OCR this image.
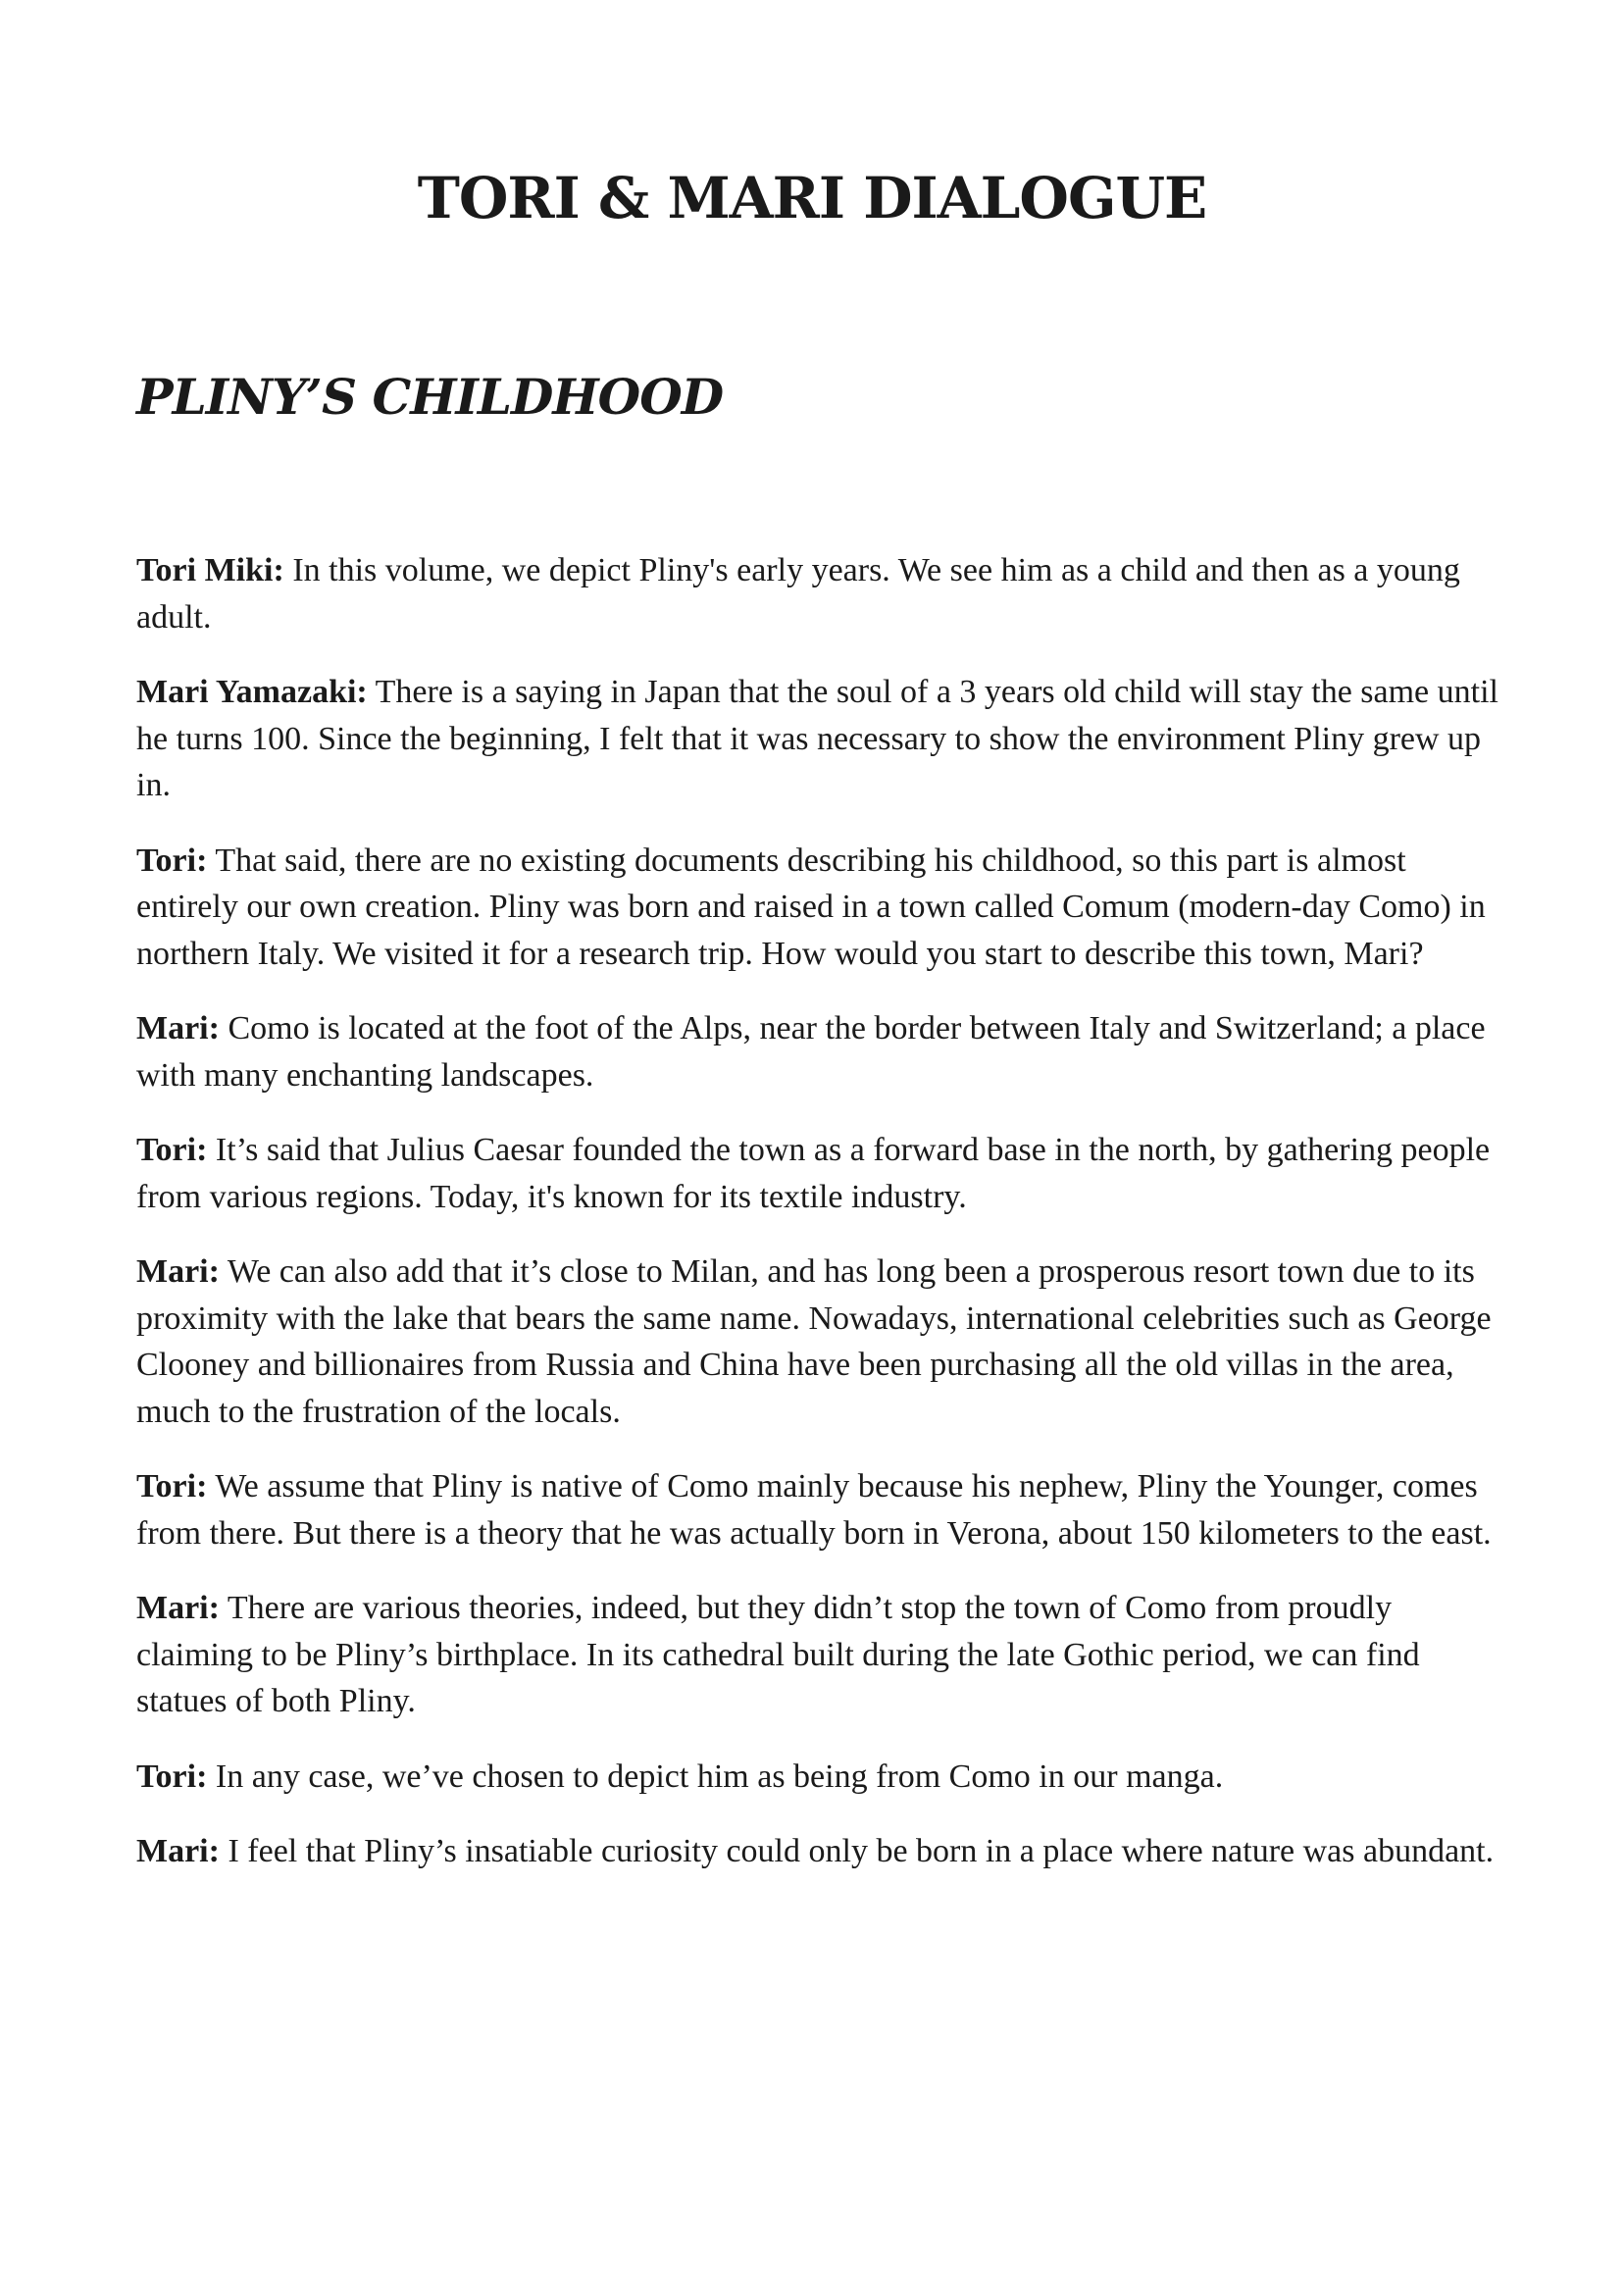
TORI & MARI DIALOGUE
PLINY’S CHILDHOOD

Tori Miki: In this volume, we depict Pliny's early years. We see him as a child and then as a young adult.

Mari Yamazaki: There is a saying in Japan that the soul of a 3 years old child will stay the same until he turns 100. Since the beginning, I felt that it was necessary to show the environment Pliny grew up in.

Tori: That said, there are no existing documents describing his childhood, so this part is almost entirely our own creation. Pliny was born and raised in a town called Comum (modern-day Como) in northern Italy. We visited it for a research trip. How would you start to describe this town, Mari?

Mari: Como is located at the foot of the Alps, near the border between Italy and Switzerland; a place with many enchanting landscapes.

Tori: It’s said that Julius Caesar founded the town as a forward base in the north, by gathering people from various regions. Today, it's known for its textile industry.

Mari: We can also add that it’s close to Milan, and has long been a prosperous resort town due to its proximity with the lake that bears the same name. Nowadays, international celebrities such as George Clooney and billionaires from Russia and China have been purchasing all the old villas in the area, much to the frustration of the locals.

Tori: We assume that Pliny is native of Como mainly because his nephew, Pliny the Younger, comes from there. But there is a theory that he was actually born in Verona, about 150 kilometers to the east.

Mari: There are various theories, indeed, but they didn’t stop the town of Como from proudly claiming to be Pliny’s birthplace. In its cathedral built during the late Gothic period, we can find statues of both Pliny.

Tori: In any case, we’ve chosen to depict him as being from Como in our manga.

Mari: I feel that Pliny’s insatiable curiosity could only be born in a place where nature was abundant.
